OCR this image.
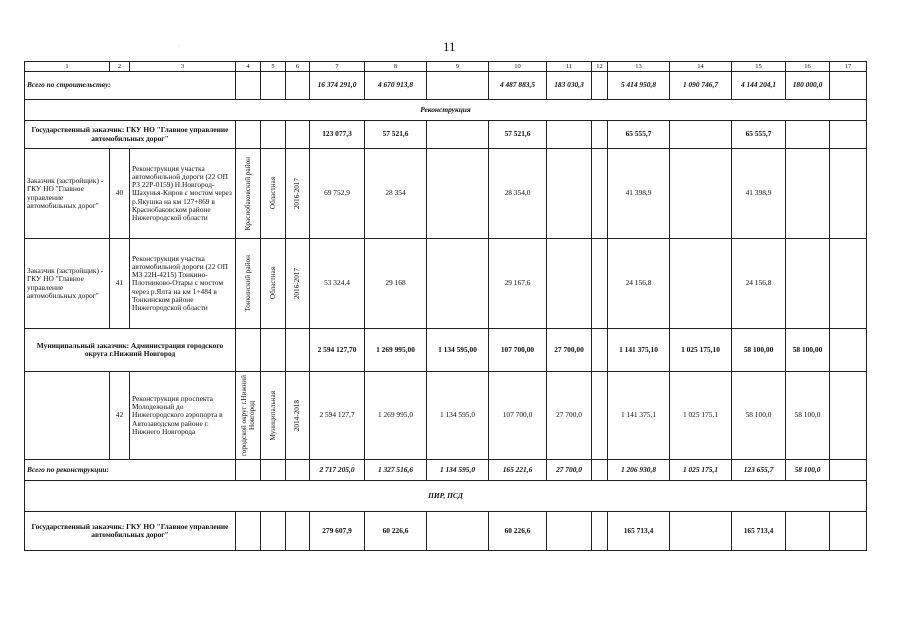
11
·
1	2	3	4	5	6	7	8	9	10	11	12	13	14	15	16	17
Всего по строительству:						16 374 291,0	4 670 913,8		4 487 883,5	183 030,3		5 414 950,8	1 090 746,7	4 144 204,1	180 000,0	
Реконструкция																
Государственный заказчик: ГКУ НО "Главное управление автомобильных дорог"						123 077,3	57 521,6		57 521,6			65 555,7		65 555,7		
Заказчик (застройщик) - ГКУ НО "Главное управление автомобильных дорог"	40	Реконструкция участка автомобильной дороги (22 ОП РЗ 22Р-0159) Н.Новгород-Шахунья-Киров с мостом через р.Якушка на км 127+869 в Краснобаковском районе Нижегородской области	Краснобаковский район	Областная	2016-2017	69 752,9	28 354		28 354,0			41 398,9		41 398,9		
Заказчик (застройщик) - ГКУ НО "Главное управление автомобильных дорог"	41	Реконструкция участка автомобильной дороги (22 ОП МЗ 22Н-4215) Тонкино-Плотниково-Отары с мостом через р.Ялта на км 1+484 в Тонкинском районе Нижегородской области	Тонкинский район	Областная	2016-2017	53 324,4	29 168		29 167,6			24 156,8		24 156,8		
Муниципальный заказчик: Администрация городского округа г.Нижний Новгород						2 594 127,70	1 269 995,00	1 134 595,00	107 700,00	27 700,00		1 141 375,10	1 025 175,10	58 100,00	58 100,00	
	42	Реконструкция проспекта Молодежный до Нижегородского аэропорта в Автозаводском районе г. Нижнего Новгорода	городской округ г.Нижний Новгород	Муниципальная	2014-2018	2 594 127,7	1 269 995,0	1 134 595,0	107 700,0	27 700,0		1 141 375,1	1 025 175,1	58 100,0	58 100,0	
Всего по реконструкции:						2 717 205,0	1 327 516,6	1 134 595,0	165 221,6	27 700,0		1 206 930,8	1 025 175,1	123 655,7	58 100,0	
ПИР, ПСД																
Государственный заказчик: ГКУ НО "Главное управление автомобильных дорог"						279 607,9	60 226,6		60 226,6			165 713,4		165 713,4		
